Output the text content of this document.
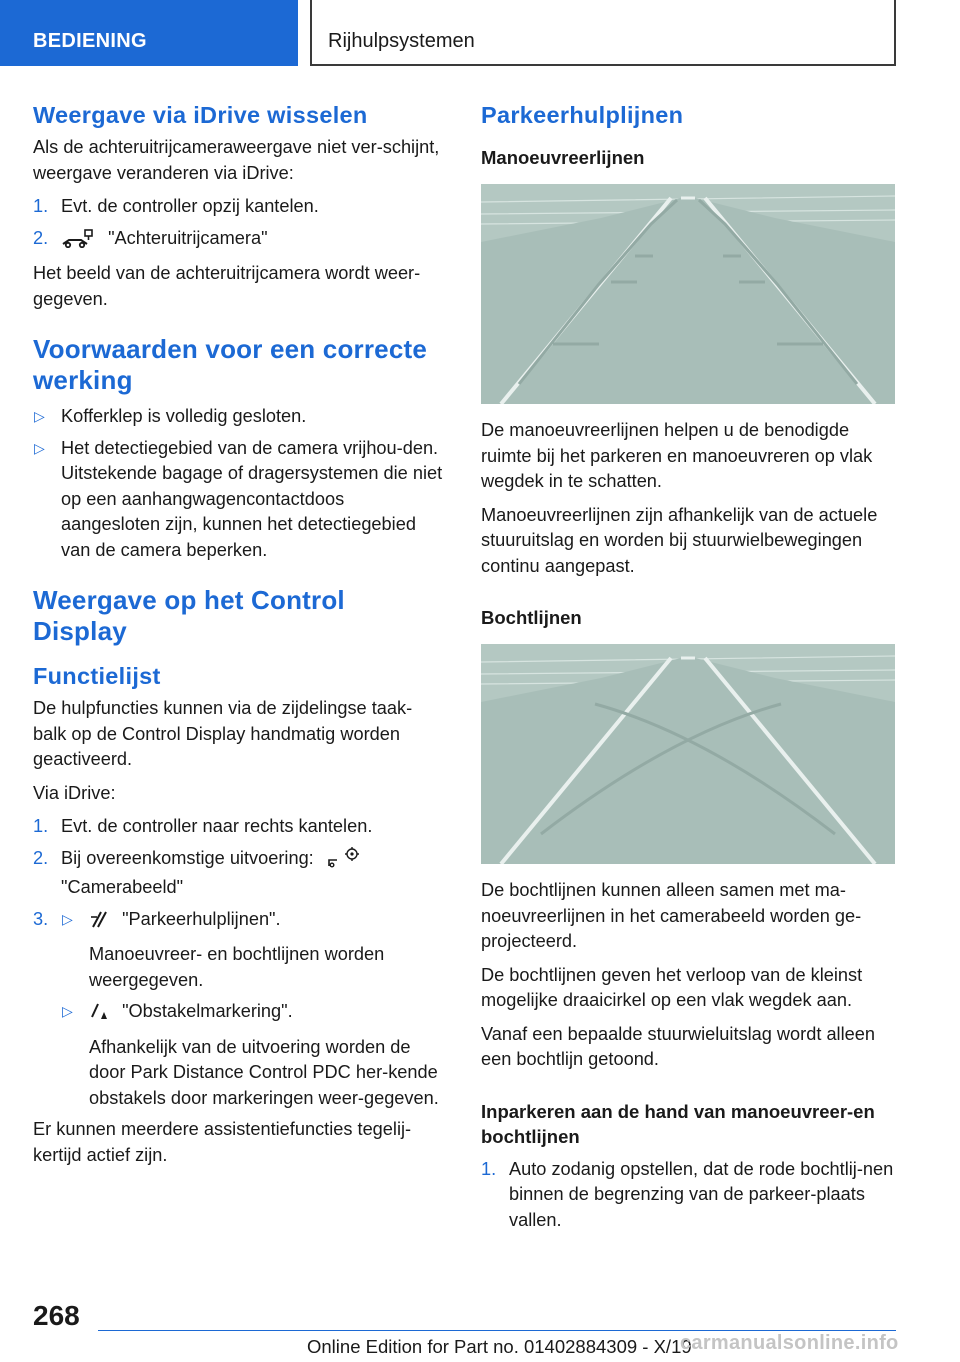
BEDIENING	Rijhulpsystemen
Weergave via iDrive wisselen

Als de achteruitrijcameraweergave niet ver-schijnt, weergave veranderen via iDrive:

1. Evt. de controller opzij kantelen.
2.	"Achteruitrijcamera"

Het beeld van de achteruitrijcamera wordt weer-gegeven.

Voorwaarden voor een correcte werking
▷ Kofferklep is volledig gesloten.
▷ Het detectiegebied van de camera vrijhou-den. Uitstekende bagage of dragersystemen die niet op een aanhangwagencontactdoos aangesloten zijn, kunnen het detectiegebied van de camera beperken.
Weergave op het Control Display
Functielijst

De hulpfuncties kunnen via de zijdelingse taak-balk op de Control Display handmatig worden geactiveerd.

Via iDrive:

1. Evt. de controller naar rechts kantelen.
2. Bij overeenkomstige uitvoering:
"Camerabeeld"
3. ▷	"Parkeerhulplijnen".
Manoeuvreer- en bochtlijnen worden weergegeven.
▷	"Obstakelmarkering".
Afhankelijk van de uitvoering worden de door Park Distance Control PDC her-kende obstakels door markeringen weer-gegeven.

Er kunnen meerdere assistentiefuncties tegelij-kertijd actief zijn.

Parkeerhulplijnen
Manoeuvreerlijnen

De manoeuvreerlijnen helpen u de benodigde ruimte bij het parkeren en manoeuvreren op vlak wegdek in te schatten.

Manoeuvreerlijnen zijn afhankelijk van de actuele stuuruitslag en worden bij stuurwielbewegingen continu aangepast.

Bochtlijnen

De bochtlijnen kunnen alleen samen met ma-noeuvreerlijnen in het camerabeeld worden ge-projecteerd.

De bochtlijnen geven het verloop van de kleinst mogelijke draaicirkel op een vlak wegdek aan.

Vanaf een bepaalde stuurwieluitslag wordt alleen een bochtlijn getoond.

Inparkeren aan de hand van manoeuvreer-en bochtlijnen
1. Auto zodanig opstellen, dat de rode bochtlij-nen binnen de begrenzing van de parkeer-plaats vallen.
268
Online Edition for Part no. 01402884309 - X/19
carmanualsonline.info
